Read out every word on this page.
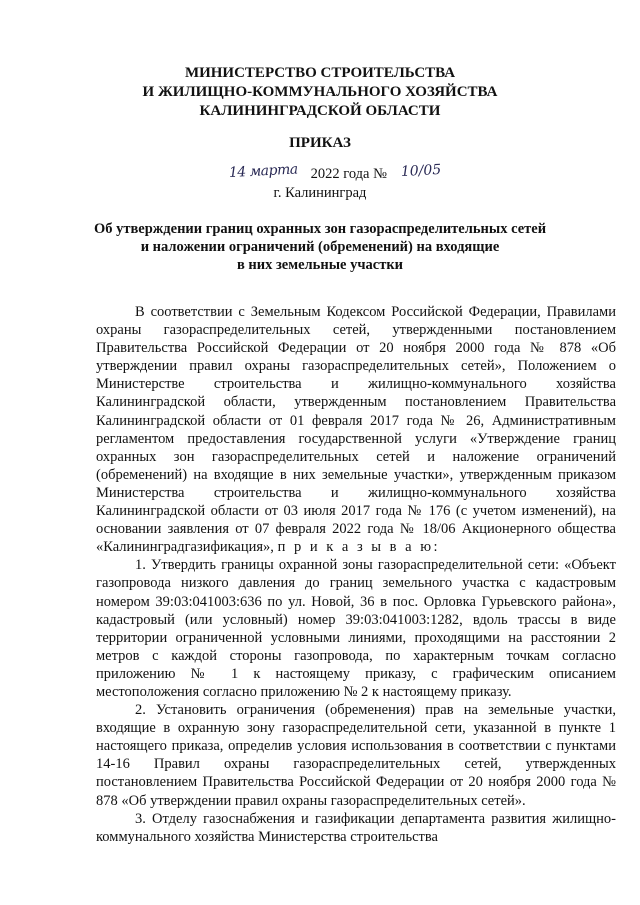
МИНИСТЕРСТВО СТРОИТЕЛЬСТВА
И ЖИЛИЩНО-КОММУНАЛЬНОГО ХОЗЯЙСТВА
КАЛИНИНГРАДСКОЙ ОБЛАСТИ
ПРИКАЗ
14 марта 2022 года № 10/05
г. Калининград
Об утверждении границ охранных зон газораспределительных сетей
и наложении ограничений (обременений) на входящие
в них земельные участки

В соответствии с Земельным Кодексом Российской Федерации, Правилами охраны газораспределительных сетей, утвержденными постановлением Правительства Российской Федерации от 20 ноября 2000 года № 878 «Об утверждении правил охраны газораспределительных сетей», Положением о Министерстве строительства и жилищно-коммунального хозяйства Калининградской области, утвержденным постановлением Правительства Калининградской области от 01 февраля 2017 года № 26, Административным регламентом предоставления государственной услуги «Утверждение границ охранных зон газораспределительных сетей и наложение ограничений (обременений) на входящие в них земельные участки», утвержденным приказом Министерства строительства и жилищно-коммунального хозяйства Калининградской области от 03 июля 2017 года № 176 (с учетом изменений), на основании заявления от 07 февраля 2022 года № 18/06 Акционерного общества «Калининградгазификация», п р и к а з ы в а ю:

1. Утвердить границы охранной зоны газораспределительной сети: «Объект газопровода низкого давления до границ земельного участка с кадастровым номером 39:03:041003:636 по ул. Новой, 36 в пос. Орловка Гурьевского района», кадастровый (или условный) номер 39:03:041003:1282, вдоль трассы в виде территории ограниченной условными линиями, проходящими на расстоянии 2 метров с каждой стороны газопровода, по характерным точкам согласно приложению № 1 к настоящему приказу, с графическим описанием местоположения согласно приложению № 2 к настоящему приказу.

2. Установить ограничения (обременения) прав на земельные участки, входящие в охранную зону газораспределительной сети, указанной в пункте 1 настоящего приказа, определив условия использования в соответствии с пунктами 14-16 Правил охраны газораспределительных сетей, утвержденных постановлением Правительства Российской Федерации от 20 ноября 2000 года № 878 «Об утверждении правил охраны газораспределительных сетей».

3. Отделу газоснабжения и газификации департамента развития жилищно-коммунального хозяйства Министерства строительства
